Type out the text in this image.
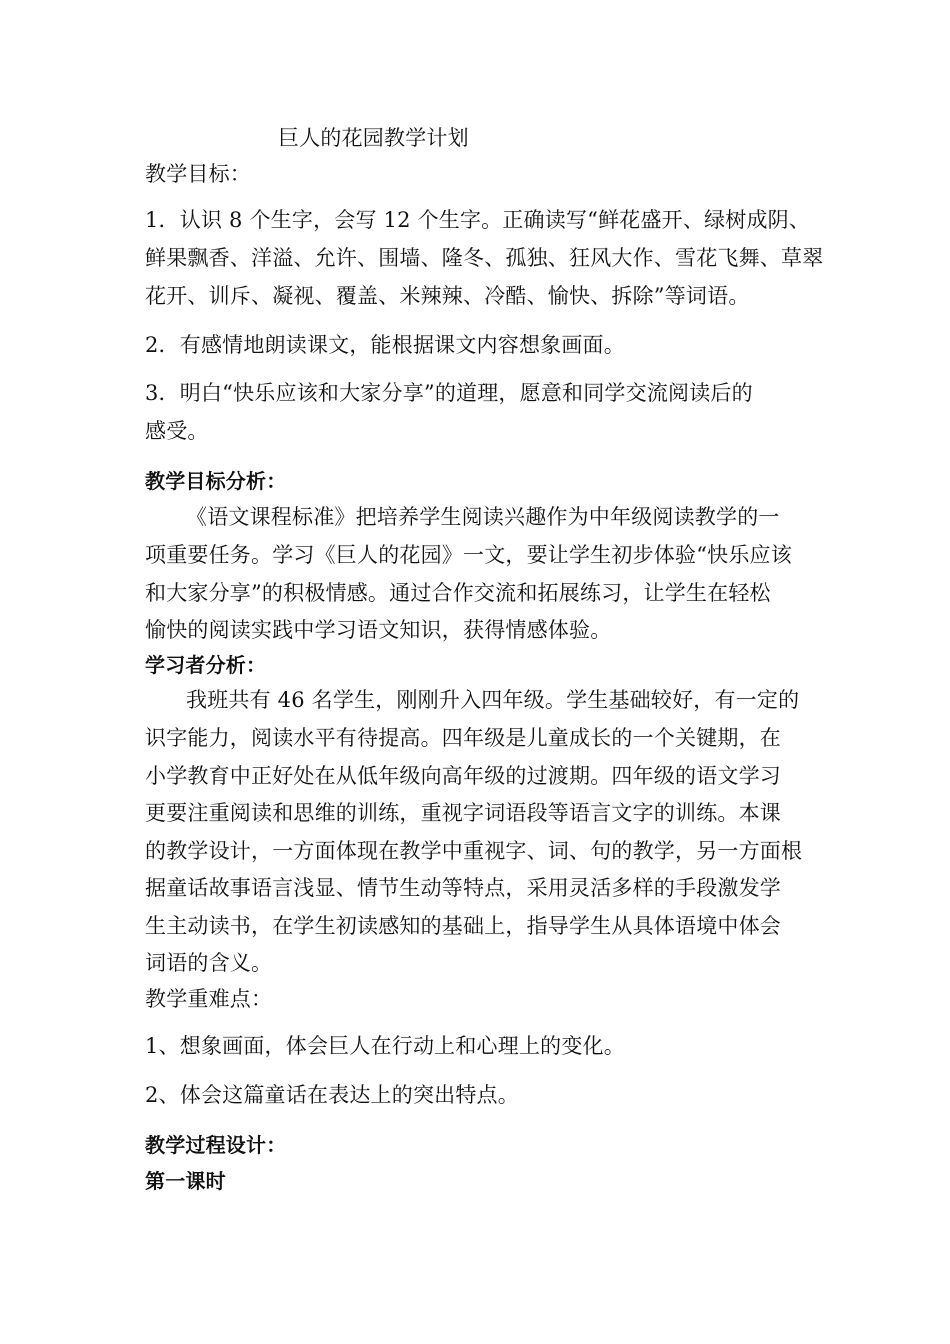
巨人的花园教学计划
教学目标：
1．认识 8 个生字，会写 12 个生字。正确读写“鲜花盛开、绿树成阴、
鲜果飘香、洋溢、允许、围墙、隆冬、孤独、狂风大作、雪花飞舞、草翠
花开、训斥、凝视、覆盖、米辣辣、冷酷、愉快、拆除”等词语。
2．有感情地朗读课文，能根据课文内容想象画面。
3．明白“快乐应该和大家分享”的道理，愿意和同学交流阅读后的
感受。
教学目标分析：
《语文课程标准》把培养学生阅读兴趣作为中年级阅读教学的一
项重要任务。学习《巨人的花园》一文，要让学生初步体验“快乐应该
和大家分享”的积极情感。通过合作交流和拓展练习，让学生在轻松
愉快的阅读实践中学习语文知识，获得情感体验。
学习者分析：
我班共有 46 名学生，刚刚升入四年级。学生基础较好，有一定的
识字能力，阅读水平有待提高。四年级是儿童成长的一个关键期，在
小学教育中正好处在从低年级向高年级的过渡期。四年级的语文学习
更要注重阅读和思维的训练，重视字词语段等语言文字的训练。本课
的教学设计，一方面体现在教学中重视字、词、句的教学，另一方面根
据童话故事语言浅显、情节生动等特点，采用灵活多样的手段激发学
生主动读书，在学生初读感知的基础上，指导学生从具体语境中体会
词语的含义。
教学重难点：
1、想象画面，体会巨人在行动上和心理上的变化。
2、体会这篇童话在表达上的突出特点。
教学过程设计：
第一课时
